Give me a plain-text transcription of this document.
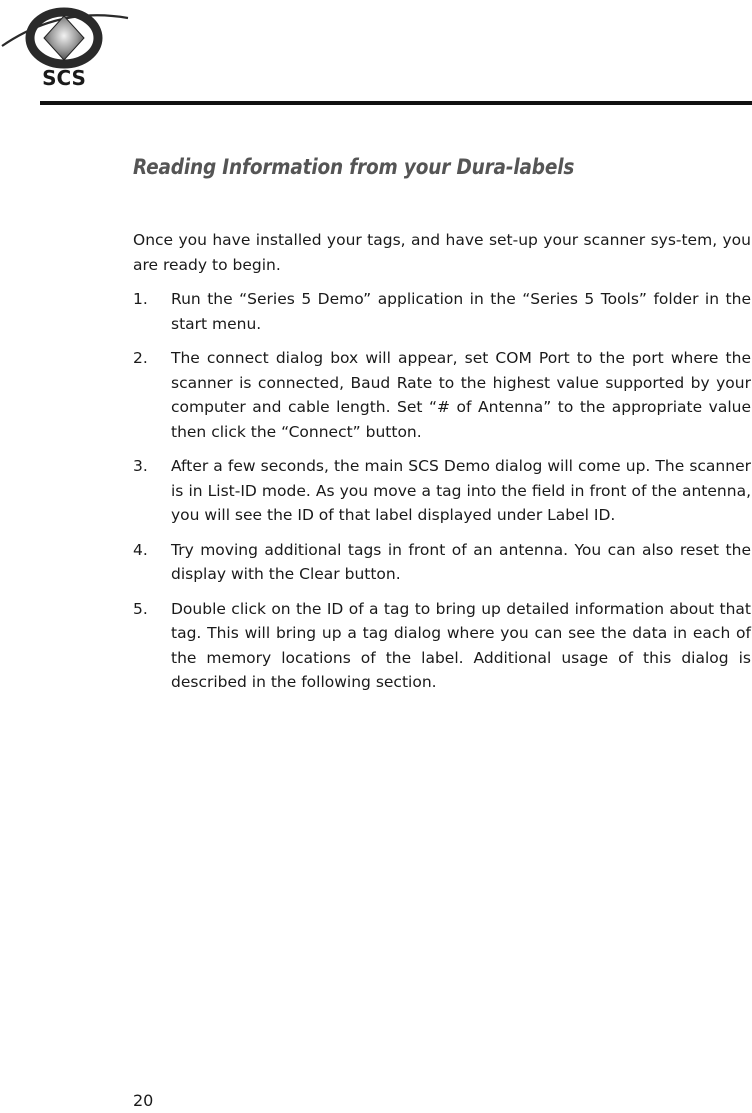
SCS
Reading Information from your Dura-labels

Once you have installed your tags, and have set-up your scanner sys-tem, you are ready to begin.

1. Run the “Series 5 Demo” application in the “Series 5 Tools” folder in the start menu.
2. The connect dialog box will appear, set COM Port to the port where the scanner is connected, Baud Rate to the highest value supported by your computer and cable length. Set “# of Antenna” to the appropriate value then click the “Connect” button.
3. After a few seconds, the main SCS Demo dialog will come up. The scanner is in List-ID mode. As you move a tag into the field in front of the antenna, you will see the ID of that label displayed under Label ID.
4. Try moving additional tags in front of an antenna. You can also reset the display with the Clear button.
5. Double click on the ID of a tag to bring up detailed information about that tag. This will bring up a tag dialog where you can see the data in each of the memory locations of the label. Additional usage of this dialog is described in the following section.
20
